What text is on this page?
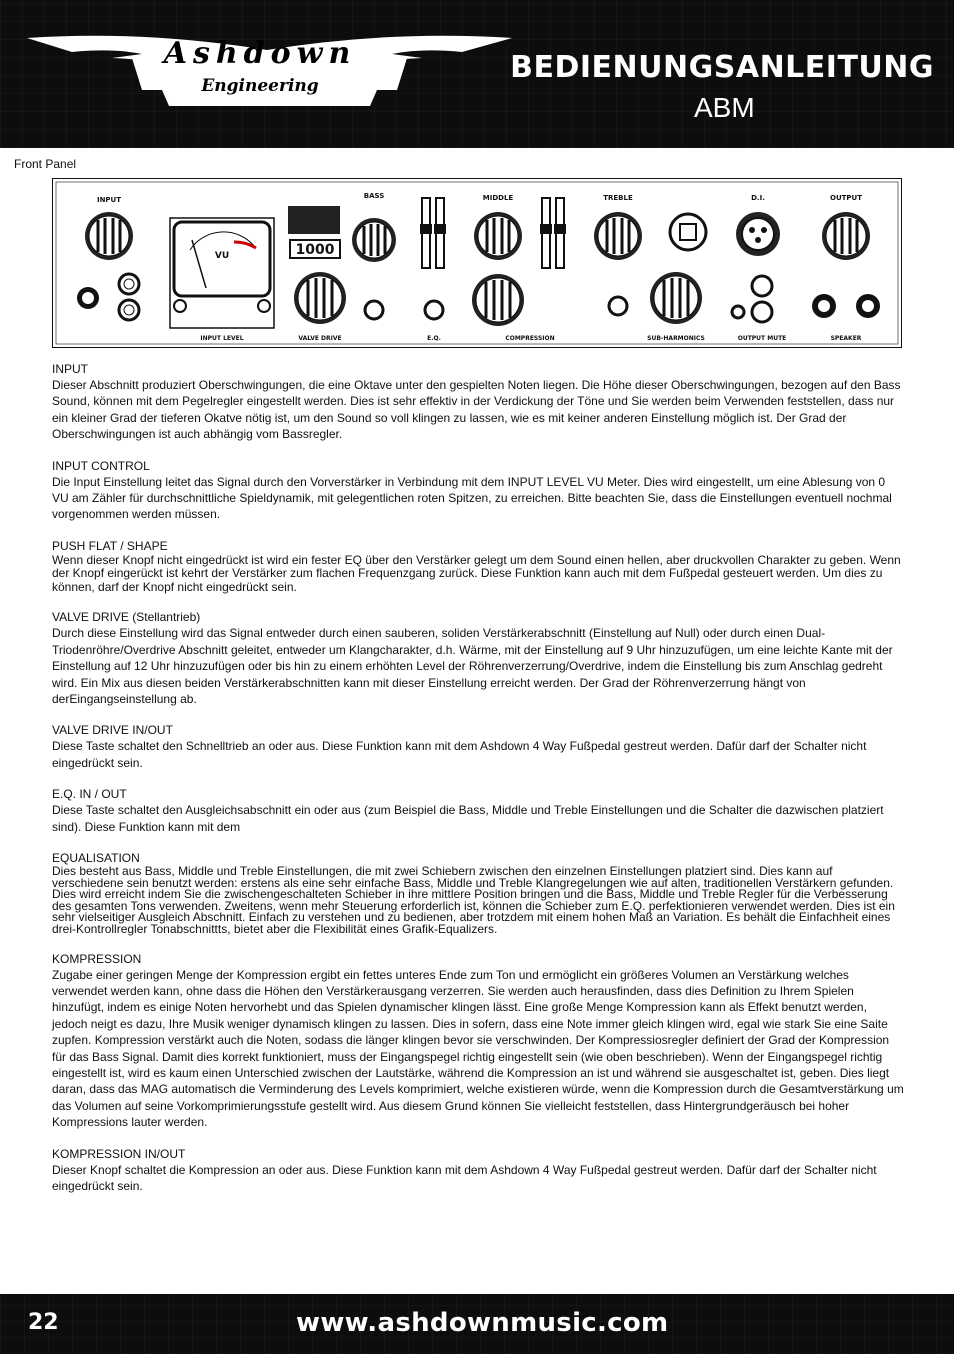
Ashdown
Engineering
BEDIENUNGSANLEITUNG
ABM
Front Panel
INPUT
VU
INPUT LEVEL
1000
BASS
VALVE DRIVE	E.Q.
MIDDLE
COMPRESSION
TREBLE
SUB-HARMONICS
D.I.
OUTPUT MUTE
OUTPUT
SPEAKER

INPUT

Dieser Abschnitt produziert Oberschwingungen, die eine Oktave unter den gespielten Noten liegen. Die Höhe dieser Oberschwingungen, bezogen auf den Bass Sound, können mit dem Pegelregler eingestellt werden. Dies ist sehr effektiv in der Verdickung der Töne und Sie werden beim Verwenden feststellen, dass nur ein kleiner Grad der tieferen Okatve nötig ist, um den Sound so voll klingen zu lassen, wie es mit keiner anderen Einstellung möglich ist. Der Grad der Oberschwingungen ist auch abhängig vom Bassregler.

INPUT CONTROL

Die Input Einstellung leitet das Signal durch den Vorverstärker in Verbindung mit dem INPUT LEVEL VU Meter. Dies wird eingestellt, um eine Ablesung von 0 VU am Zähler für durchschnittliche Spieldynamik, mit gelegentlichen roten Spitzen, zu erreichen. Bitte beachten Sie, dass die Einstellungen eventuell nochmal vorgenommen werden müssen.

PUSH FLAT / SHAPE

Wenn dieser Knopf nicht eingedrückt ist wird ein fester EQ über den Verstärker gelegt um dem Sound einen hellen, aber druckvollen Charakter zu geben. Wenn der Knopf eingerückt ist kehrt der Verstärker zum flachen Frequenzgang zurück. Diese Funktion kann auch mit dem Fußpedal gesteuert werden. Um dies zu können, darf der Knopf nicht eingedrückt sein.

VALVE DRIVE (Stellantrieb)

Durch diese Einstellung wird das Signal entweder durch einen sauberen, soliden Verstärkerabschnitt (Einstellung auf Null) oder durch einen Dual-Triodenröhre/Overdrive Abschnitt geleitet, entweder um Klangcharakter, d.h. Wärme, mit der Einstellung auf 9 Uhr hinzuzufügen, um eine leichte Kante mit der Einstellung auf 12 Uhr hinzuzufügen oder bis hin zu einem erhöhten Level der Röhrenverzerrung/Overdrive, indem die Einstellung bis zum Anschlag gedreht wird. Ein Mix aus diesen beiden Verstärkerabschnitten kann mit dieser Einstellung erreicht werden. Der Grad der Röhrenverzerrung hängt von derEingangseinstellung ab.

VALVE DRIVE IN/OUT

Diese Taste schaltet den Schnelltrieb an oder aus. Diese Funktion kann mit dem Ashdown 4 Way Fußpedal gestreut werden. Dafür darf der Schalter nicht eingedrückt sein.

E.Q. IN / OUT

Diese Taste schaltet den Ausgleichsabschnitt ein oder aus (zum Beispiel die Bass, Middle und Treble Einstellungen und die Schalter die dazwischen platziert sind). Diese Funktion kann mit dem

EQUALISATION

Dies besteht aus Bass, Middle und Treble Einstellungen, die mit zwei Schiebern zwischen den einzelnen Einstellungen platziert sind. Dies kann auf verschiedene sein benutzt werden: erstens als eine sehr einfache Bass, Middle und Treble Klangregelungen wie auf alten, traditionellen Verstärkern gefunden. Dies wird erreicht indem Sie die zwischengeschalteten Schieber in ihre mittlere Position bringen und die Bass, Middle und Treble Regler für die Verbesserung des gesamten Tons verwenden. Zweitens, wenn mehr Steuerung erforderlich ist, können die Schieber zum E.Q. perfektionieren verwendet werden. Dies ist ein sehr vielseitiger Ausgleich Abschnitt. Einfach zu verstehen und zu bedienen, aber trotzdem mit einem hohen Maß an Variation. Es behält die Einfachheit eines drei-Kontrollregler Tonabschnittts, bietet aber die Flexibilität eines Grafik-Equalizers.

KOMPRESSION

Zugabe einer geringen Menge der Kompression ergibt ein fettes unteres Ende zum Ton und ermöglicht ein größeres Volumen an Verstärkung welches verwendet werden kann, ohne dass die Höhen den Verstärkerausgang verzerren. Sie werden auch herausfinden, dass dies Definition zu Ihrem Spielen hinzufügt, indem es einige Noten hervorhebt und das Spielen dynamischer klingen lässt. Eine große Menge Kompression kann als Effekt benutzt werden, jedoch neigt es dazu, Ihre Musik weniger dynamisch klingen zu lassen. Dies in sofern, dass eine Note immer gleich klingen wird, egal wie stark Sie eine Saite zupfen. Kompression verstärkt auch die Noten, sodass die länger klingen bevor sie verschwinden. Der Kompressiosregler definiert der Grad der Kompression für das Bass Signal. Damit dies korrekt funktioniert, muss der Eingangspegel richtig eingestellt sein (wie oben beschrieben). Wenn der Eingangspegel richtig eingestellt ist, wird es kaum einen Unterschied zwischen der Lautstärke, während die Kompression an ist und während sie ausgeschaltet ist, geben. Dies liegt daran, dass das MAG automatisch die Verminderung des Levels komprimiert, welche existieren würde, wenn die Kompression durch die Gesamtverstärkung um das Volumen auf seine Vorkomprimierungsstufe gestellt wird. Aus diesem Grund können Sie vielleicht feststellen, dass Hintergrundgeräusch bei hoher Kompressions lauter werden.

KOMPRESSION IN/OUT

Dieser Knopf schaltet die Kompression an oder aus. Diese Funktion kann mit dem Ashdown 4 Way Fußpedal gestreut werden. Dafür darf der Schalter nicht eingedrückt sein.

22	www.ashdownmusic.com
